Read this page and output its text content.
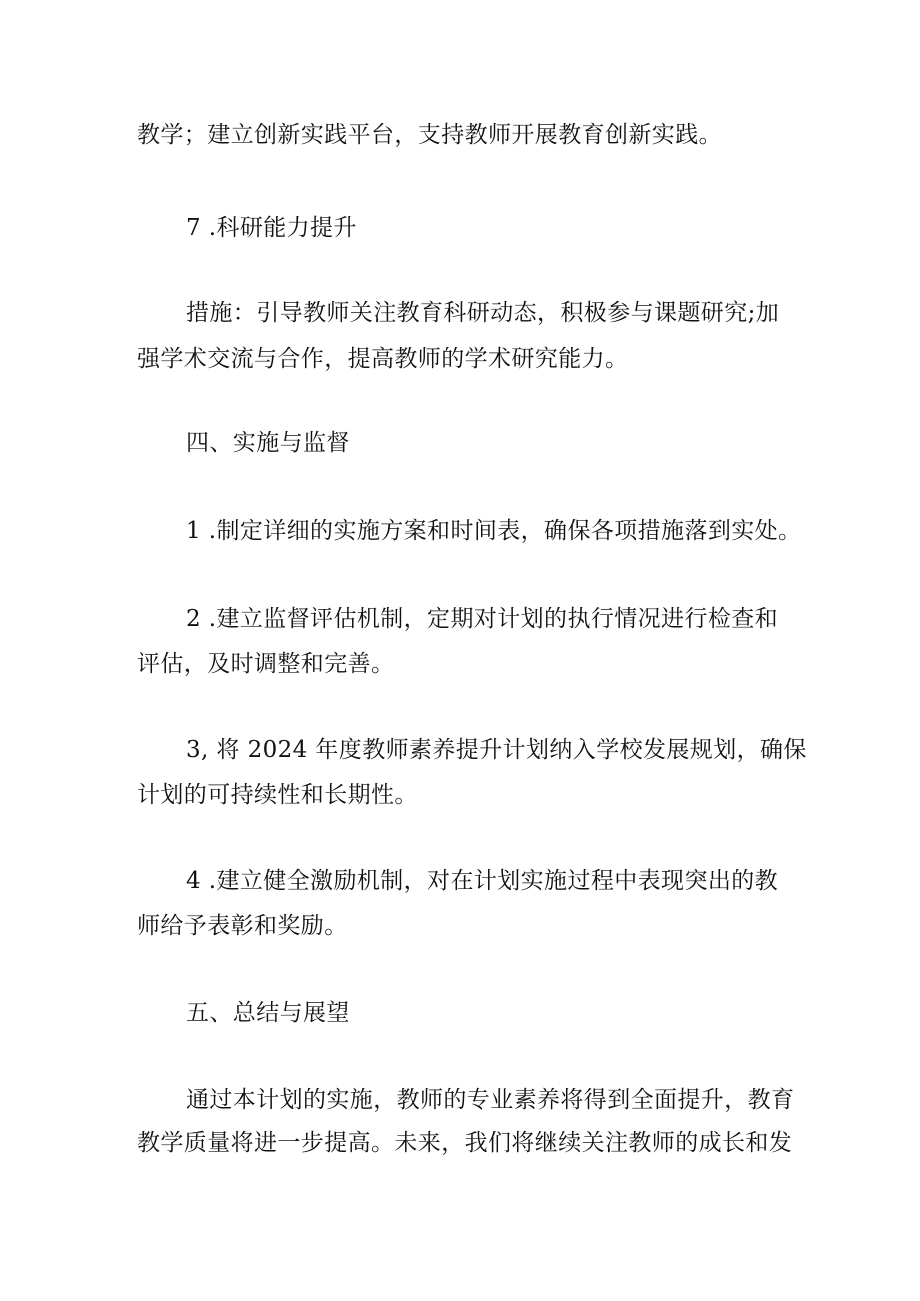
教学；建立创新实践平台，支持教师开展教育创新实践。
7 .科研能力提升
措施：引导教师关注教育科研动态，积极参与课题研究;加
强学术交流与合作，提高教师的学术研究能力。
四、实施与监督
1 .制定详细的实施方案和时间表，确保各项措施落到实处。
2 .建立监督评估机制，定期对计划的执行情况进行检查和
评估，及时调整和完善。
3, 将 2024 年度教师素养提升计划纳入学校发展规划，确保
计划的可持续性和长期性。
4 .建立健全激励机制，对在计划实施过程中表现突出的教
师给予表彰和奖励。
五、总结与展望
通过本计划的实施，教师的专业素养将得到全面提升，教育
教学质量将进一步提高。未来，我们将继续关注教师的成长和发
